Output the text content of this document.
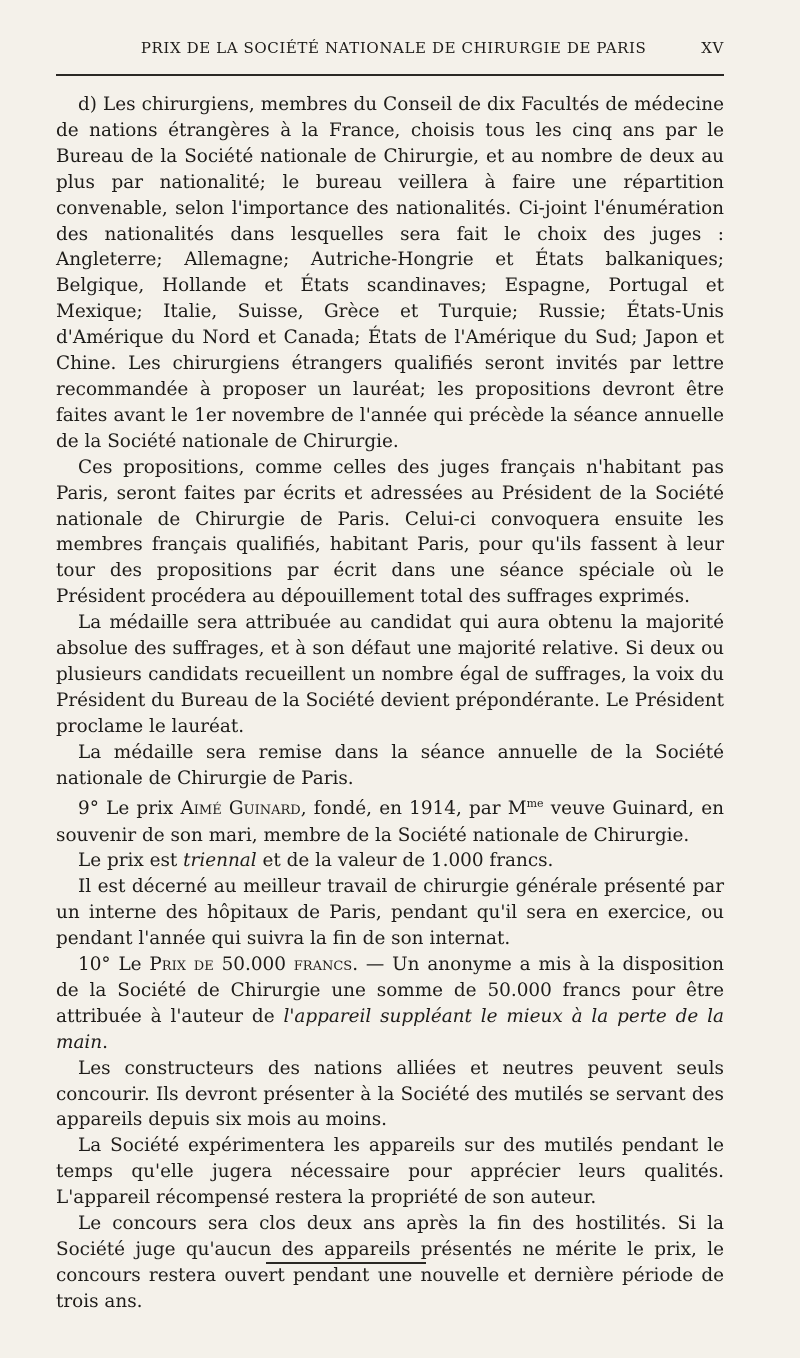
PRIX DE LA SOCIÉTÉ NATIONALE DE CHIRURGIE DE PARIS	XV

d) Les chirurgiens, membres du Conseil de dix Facultés de médecine de nations étrangères à la France, choisis tous les cinq ans par le Bureau de la Société nationale de Chirurgie, et au nombre de deux au plus par nationalité; le bureau veillera à faire une répartition convenable, selon l'importance des nationalités. Ci-joint l'énumération des nationalités dans lesquelles sera fait le choix des juges : Angleterre; Allemagne; Autriche-Hongrie et États balkaniques; Belgique, Hollande et États scandinaves; Espagne, Portugal et Mexique; Italie, Suisse, Grèce et Turquie; Russie; États-Unis d'Amérique du Nord et Canada; États de l'Amérique du Sud; Japon et Chine. Les chirurgiens étrangers qualifiés seront invités par lettre recommandée à proposer un lauréat; les propositions devront être faites avant le 1er novembre de l'année qui précède la séance annuelle de la Société nationale de Chirurgie.

Ces propositions, comme celles des juges français n'habitant pas Paris, seront faites par écrits et adressées au Président de la Société nationale de Chirurgie de Paris. Celui-ci convoquera ensuite les membres français qualifiés, habitant Paris, pour qu'ils fassent à leur tour des propositions par écrit dans une séance spéciale où le Président procédera au dépouillement total des suffrages exprimés.

La médaille sera attribuée au candidat qui aura obtenu la majorité absolue des suffrages, et à son défaut une majorité relative. Si deux ou plusieurs candidats recueillent un nombre égal de suffrages, la voix du Président du Bureau de la Société devient prépondérante. Le Président proclame le lauréat.

La médaille sera remise dans la séance annuelle de la Société nationale de Chirurgie de Paris.

9° Le prix Aimé Guinard, fondé, en 1914, par $M^{me}$ veuve Guinard, en souvenir de son mari, membre de la Société nationale de Chirurgie.

Le prix est triennal et de la valeur de 1.000 francs.

Il est décerné au meilleur travail de chirurgie générale présenté par un interne des hôpitaux de Paris, pendant qu'il sera en exercice, ou pendant l'année qui suivra la fin de son internat.

10° Le Prix de 50.000 francs. — Un anonyme a mis à la disposition de la Société de Chirurgie une somme de 50.000 francs pour être attribuée à l'auteur de l'appareil suppléant le mieux à la perte de la main.

Les constructeurs des nations alliées et neutres peuvent seuls concourir. Ils devront présenter à la Société des mutilés se servant des appareils depuis six mois au moins.

La Société expérimentera les appareils sur des mutilés pendant le temps qu'elle jugera nécessaire pour apprécier leurs qualités. L'appareil récompensé restera la propriété de son auteur.

Le concours sera clos deux ans après la fin des hostilités. Si la Société juge qu'aucun des appareils présentés ne mérite le prix, le concours restera ouvert pendant une nouvelle et dernière période de trois ans.
